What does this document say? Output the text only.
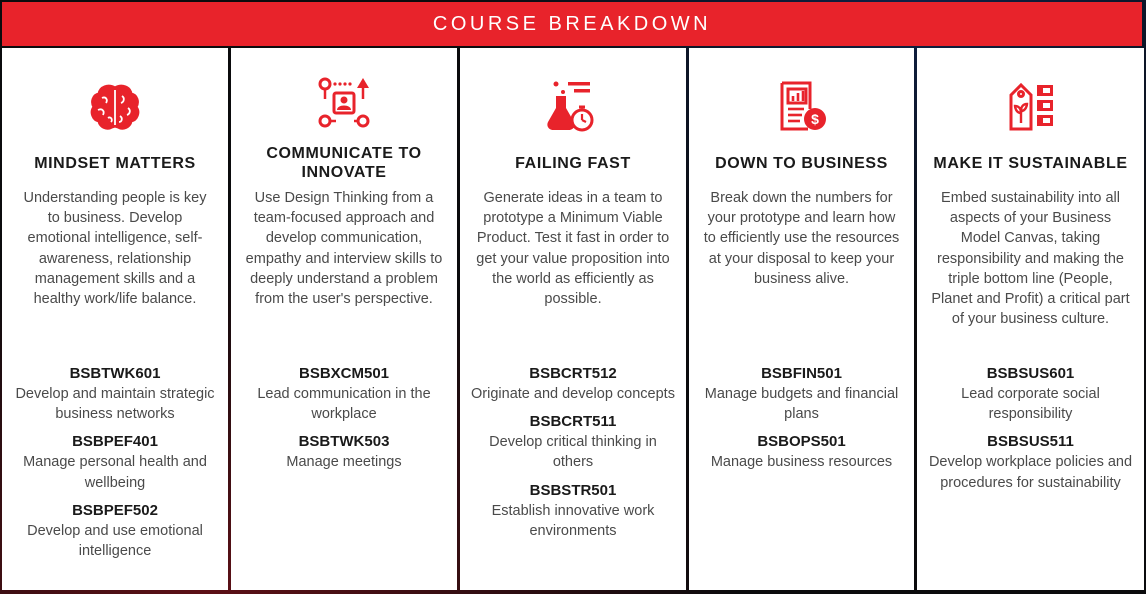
COURSE BREAKDOWN
MINDSET MATTERS
Understanding people is key to business. Develop emotional intelligence, self-awareness, relationship management skills and a healthy work/life balance.
BSBTWK601
Develop and maintain strategic business networks
BSBPEF401
Manage personal health and wellbeing
BSBPEF502
Develop and use emotional intelligence
COMMUNICATE TO INNOVATE
Use Design Thinking from a team-focused approach and develop communication, empathy and interview skills to deeply understand a problem from the user's perspective.
BSBXCM501
Lead communication in the workplace
BSBTWK503
Manage meetings
FAILING FAST
Generate ideas in a team to prototype a Minimum Viable Product. Test it fast in order to get your value proposition into the world as efficiently as possible.
BSBCRT512
Originate and develop concepts
BSBCRT511
Develop critical thinking in others
BSBSTR501
Establish innovative work environments
$
DOWN TO BUSINESS
Break down the numbers for your prototype and learn how to efficiently use the resources at your disposal to keep your business alive.
BSBFIN501
Manage budgets and financial plans
BSBOPS501
Manage business resources
MAKE IT SUSTAINABLE
Embed sustainability into all aspects of your Business Model Canvas, taking responsibility and making the triple bottom line (People, Planet and Profit) a critical part of your business culture.
BSBSUS601
Lead corporate social responsibility
BSBSUS511
Develop workplace policies and procedures for sustainability
